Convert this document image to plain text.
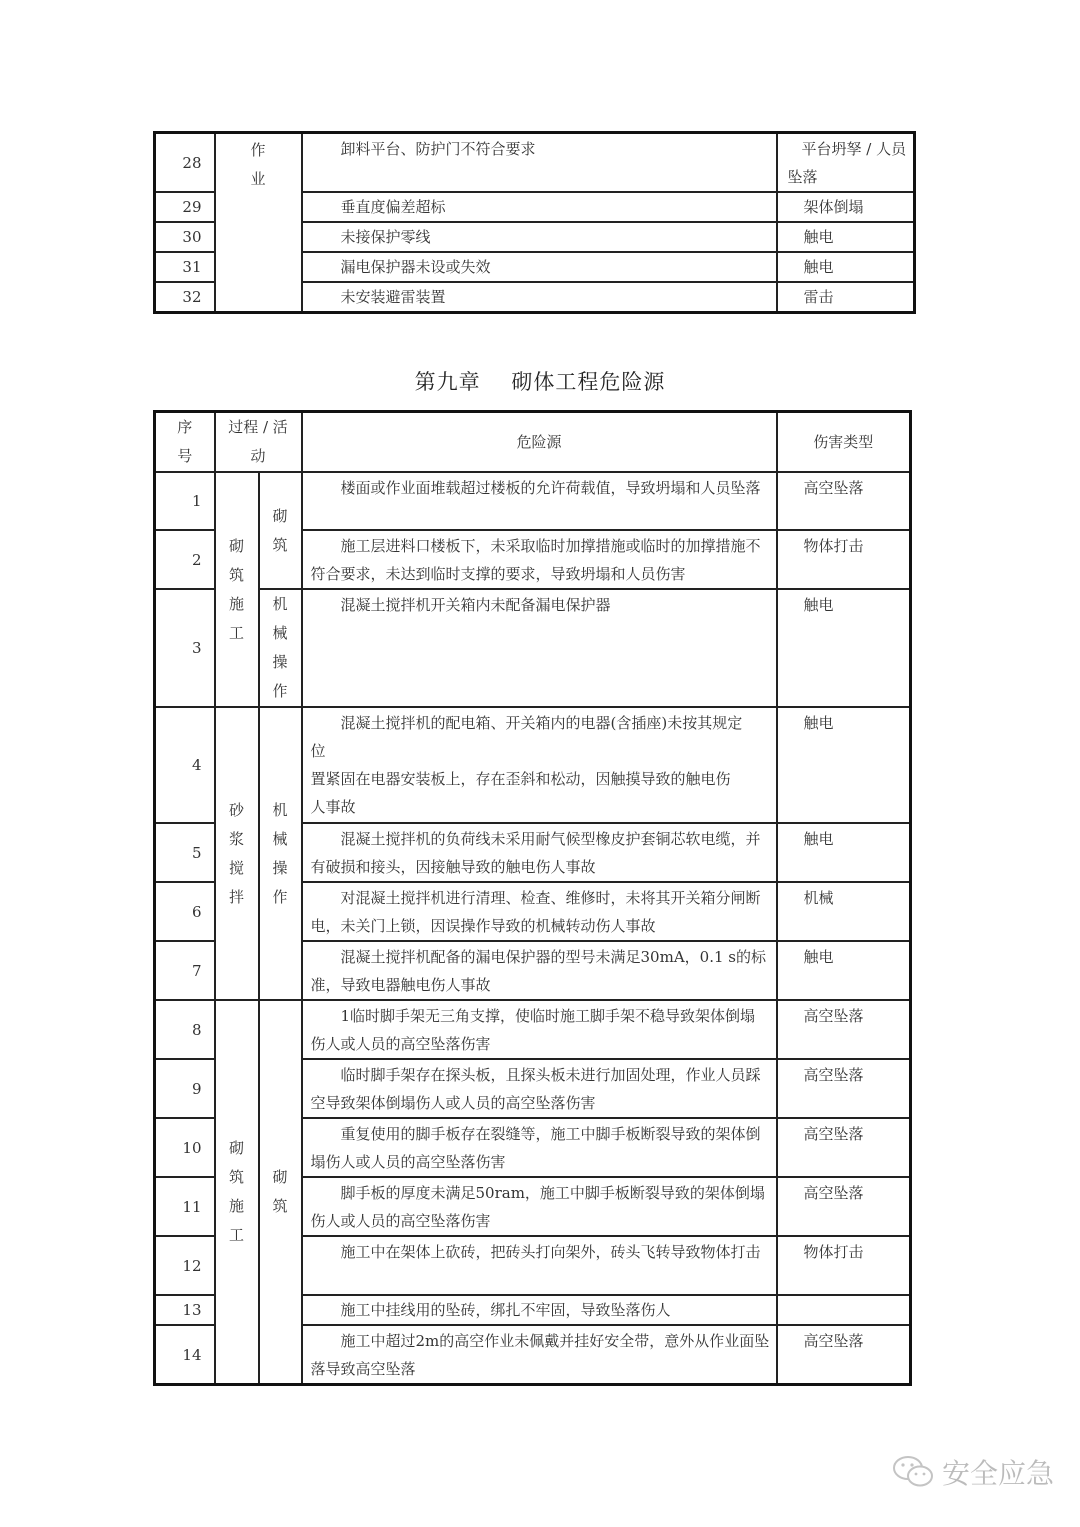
28	作业	卸料平台、防护门不符合要求	平台坍孥 / 人员坠落
29		垂直度偏差超标	架体倒塌
30		未接保护零线	触电
31		漏电保护器未设或失效	触电
32		未安装避雷装置	雷击
第九章 砌体工程危险源
序号	过程 / 活动		危险源	伤害类型
1	砌筑施工	砌筑	楼面或作业面堆载超过楼板的允许荷载值，导致坍塌和人员坠落	高空坠落
2			施工层进料口楼板下，未采取临时加撑措施或临时的加撑措施不符合要求，未达到临时支撑的要求，导致坍塌和人员伤害	物体打击
3		机械操作	混凝土搅拌机开关箱内未配备漏电保护器	触电
4	砂浆搅拌	机械操作	混凝土搅拌机的配电箱、开关箱内的电器(含插座)未按其规定
位
置紧固在电器安装板上，存在歪斜和松动，因触摸导致的触电伤
人事故	触电
5			混凝土搅拌机的负荷线未采用耐气候型橡皮护套铜芯软电缆，并有破损和接头，因接触导致的触电伤人事故	触电
6			对混凝土搅拌机进行清理、检查、维修时，未将其开关箱分闸断电，未关门上锁，因误操作导致的机械转动伤人事故	机械
7			混凝土搅拌机配备的漏电保护器的型号未满足30mA，0.1 s的标准，导致电器触电伤人事故	触电
8	砌筑施工	砌筑	1临时脚手架无三角支撑，使临时施工脚手架不稳导致架体倒塌伤人或人员的高空坠落伤害	高空坠落
9			临时脚手架存在探头板，且探头板未进行加固处理，作业人员踩空导致架体倒塌伤人或人员的高空坠落伤害	高空坠落
10			重复使用的脚手板存在裂缝等，施工中脚手板断裂导致的架体倒塌伤人或人员的高空坠落伤害	高空坠落
11			脚手板的厚度未满足50ram，施工中脚手板断裂导致的架体倒塌伤人或人员的高空坠落伤害	高空坠落
12			施工中在架体上砍砖，把砖头打向架外，砖头飞转导致物体打击	物体打击
13			施工中挂线用的坠砖，绑扎不牢固，导致坠落伤人	
14			施工中超过2m的高空作业未佩戴并挂好安全带，意外从作业面坠落导致高空坠落	高空坠落
安全应急
